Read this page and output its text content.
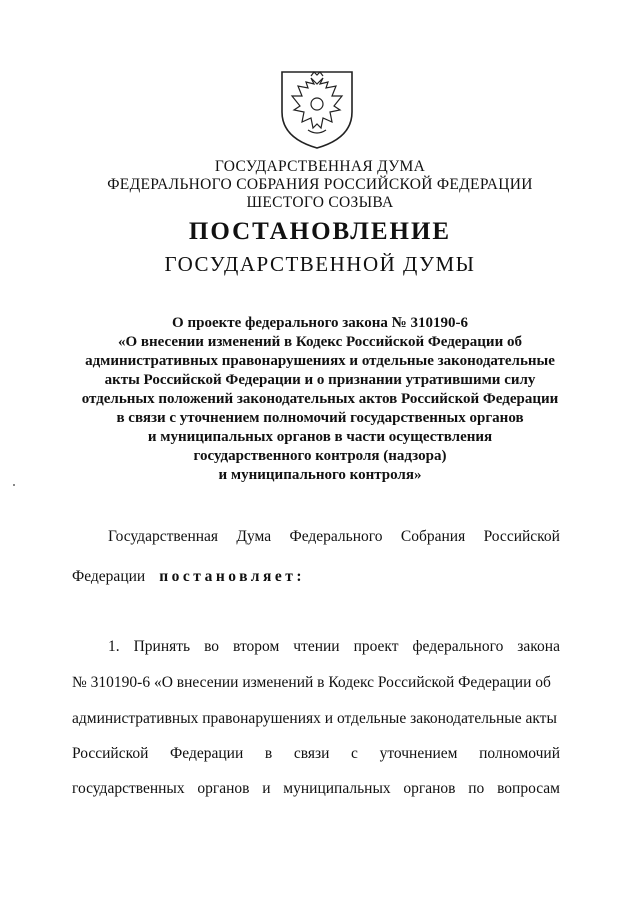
ГОСУДАРСТВЕННАЯ ДУМА
ФЕДЕРАЛЬНОГО СОБРАНИЯ РОССИЙСКОЙ ФЕДЕРАЦИИ
ШЕСТОГО СОЗЫВА
ПОСТАНОВЛЕНИЕ
ГОСУДАРСТВЕННОЙ ДУМЫ
О проекте федерального закона № 310190-6
«О внесении изменений в Кодекс Российской Федерации об
административных правонарушениях и отдельные законодательные
акты Российской Федерации и о признании утратившими силу
отдельных положений законодательных актов Российской Федерации
в связи с уточнением полномочий государственных органов
и муниципальных органов в части осуществления
государственного контроля (надзора)
и муниципального контроля»
Государственная Дума Федерального Собрания Российской
Федерации постановляет:
1. Принять во втором чтении проект федерального закона
№ 310190-6 «О внесении изменений в Кодекс Российской Федерации об
административных правонарушениях и отдельные законодательные акты
Российской Федерации в связи с уточнением полномочий
государственных органов и муниципальных органов по вопросам
